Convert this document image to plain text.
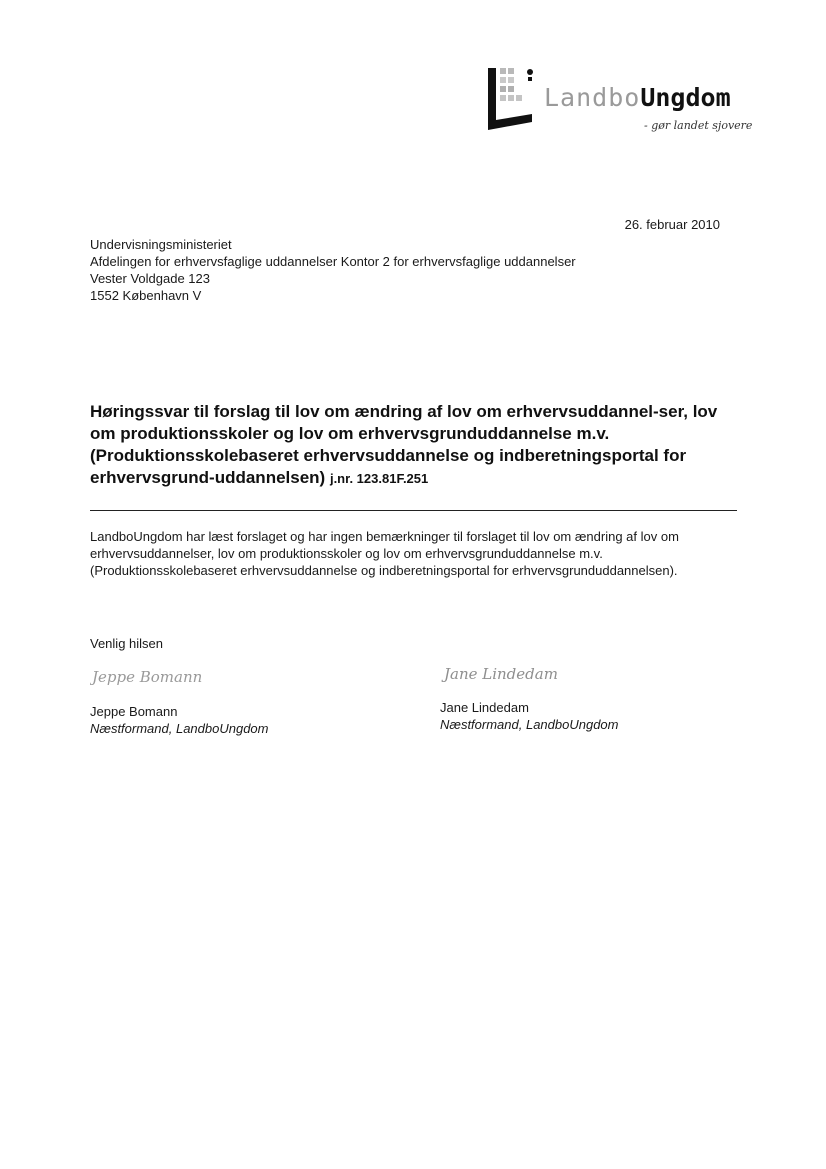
LandboUngdom
- gør landet sjovere
26. februar 2010
Undervisningsministeriet
Afdelingen for erhvervsfaglige uddannelser Kontor 2 for erhvervsfaglige uddannelser
Vester Voldgade 123
1552 København V
Høringssvar til forslag til lov om ændring af lov om erhvervsuddannel-ser, lov om produktionsskoler og lov om erhvervsgrunduddannelse m.v. (Produktionsskolebaseret erhvervsuddannelse og indberetningsportal for erhvervsgrund-uddannelsen) j.nr. 123.81F.251

LandboUngdom har læst forslaget og har ingen bemærkninger til forslaget til lov om ændring af lov om erhvervsuddannelser, lov om produktionsskoler og lov om erhvervsgrunduddannelse m.v. (Produktionsskolebaseret erhvervsuddannelse og indberetningsportal for erhvervsgrunduddannelsen).

Venlig hilsen
Jeppe Bomann	Jane Lindedam
Jeppe Bomann
Næstformand, LandboUngdom
Jane Lindedam
Næstformand, LandboUngdom
